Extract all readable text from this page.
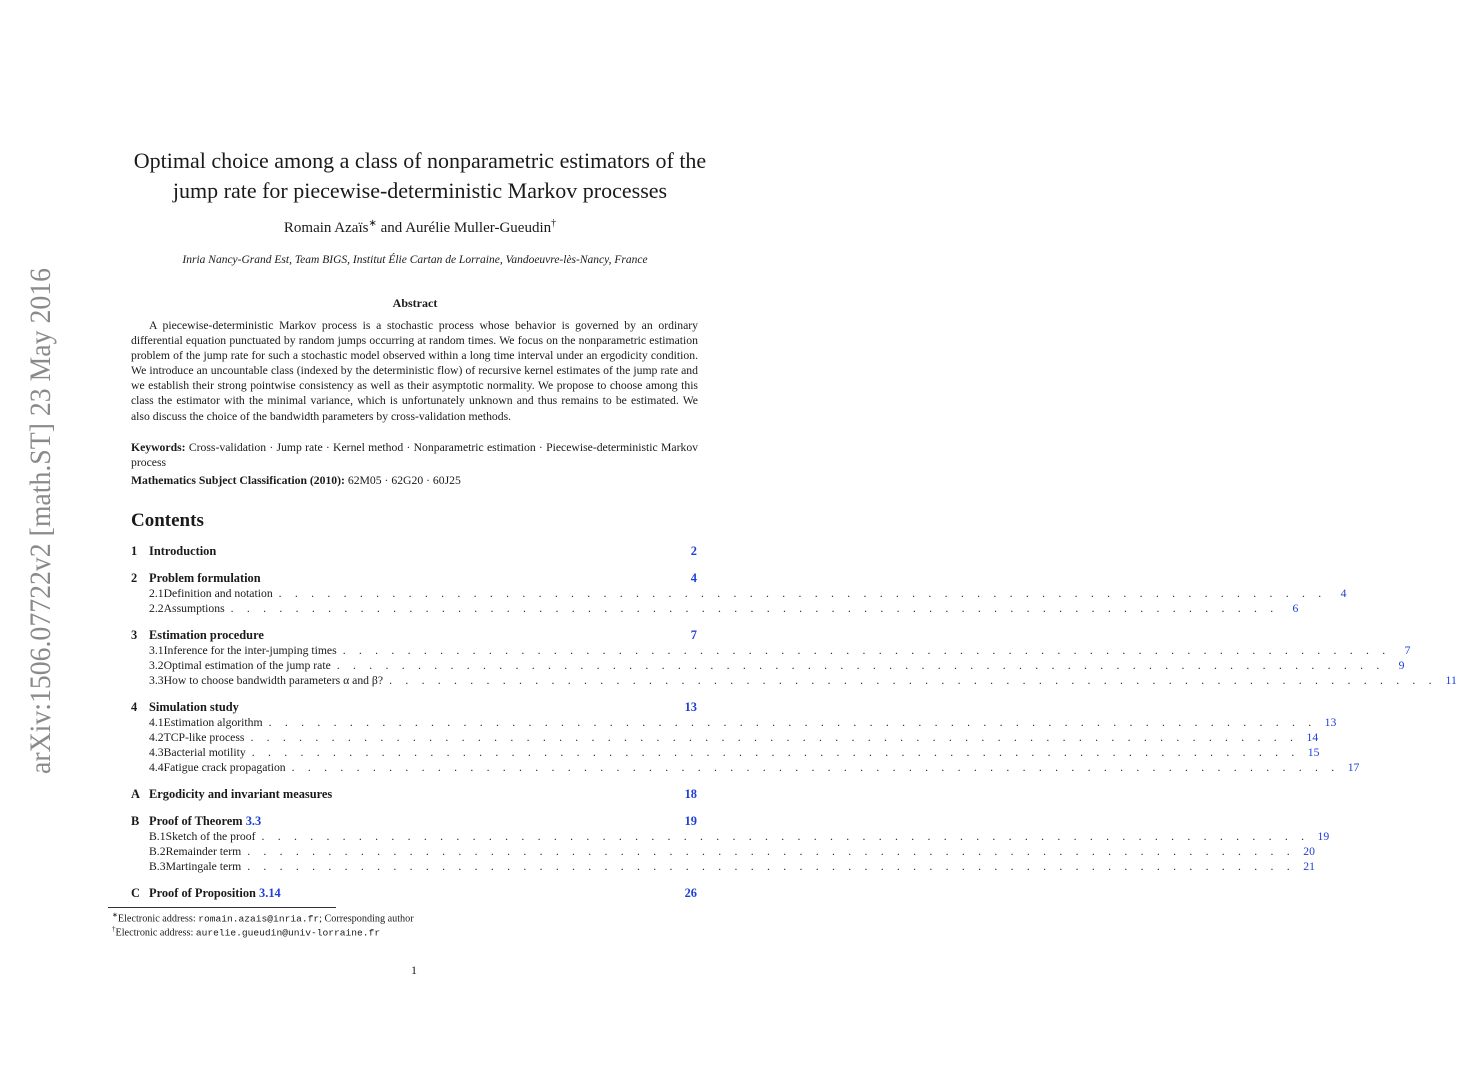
arXiv:1506.07722v2 [math.ST] 23 May 2016
Optimal choice among a class of nonparametric estimators of the
jump rate for piecewise-deterministic Markov processes
Romain Azaïs∗ and Aurélie Muller-Gueudin†
Inria Nancy-Grand Est, Team BIGS, Institut Élie Cartan de Lorraine, Vandoeuvre-lès-Nancy, France
Abstract
A piecewise-deterministic Markov process is a stochastic process whose behavior is governed by an ordinary differential equation punctuated by random jumps occurring at random times. We focus on the nonparametric estimation problem of the jump rate for such a stochastic model observed within a long time interval under an ergodicity condition. We introduce an uncountable class (indexed by the deterministic flow) of recursive kernel estimates of the jump rate and we establish their strong pointwise consistency as well as their asymptotic normality. We propose to choose among this class the estimator with the minimal variance, which is unfortunately unknown and thus remains to be estimated. We also discuss the choice of the bandwidth parameters by cross-validation methods.
Keywords: Cross-validation · Jump rate · Kernel method · Nonparametric estimation · Piecewise-deterministic Markov process
Mathematics Subject Classification (2010): 62M05 · 62G20 · 60J25
Contents
1 Introduction	2
2 Problem formulation	4
2.1 Definition and notation . . . . . . . . . . . . . . . . . . . . . . . . . . . . . . . . . . . . . . . . . . . . . . . . . . . . . . . . . . . . . . . . .	4
2.2 Assumptions . . . . . . . . . . . . . . . . . . . . . . . . . . . . . . . . . . . . . . . . . . . . . . . . . . . . . . . . . . . . . . . . .	6
3 Estimation procedure	7
3.1 Inference for the inter-jumping times . . . . . . . . . . . . . . . . . . . . . . . . . . . . . . . . . . . . . . . . . . . . . . . . . . . . . . . . . . . . . . . . .	7
3.2 Optimal estimation of the jump rate . . . . . . . . . . . . . . . . . . . . . . . . . . . . . . . . . . . . . . . . . . . . . . . . . . . . . . . . . . . . . . . . .	9
3.3 How to choose bandwidth parameters α and β? . . . . . . . . . . . . . . . . . . . . . . . . . . . . . . . . . . . . . . . . . . . . . . . . . . . . . . . . . . . . . . . . . 11
4 Simulation study	13
4.1 Estimation algorithm . . . . . . . . . . . . . . . . . . . . . . . . . . . . . . . . . . . . . . . . . . . . . . . . . . . . . . . . . . . . . . . . . 13
4.2 TCP-like process . . . . . . . . . . . . . . . . . . . . . . . . . . . . . . . . . . . . . . . . . . . . . . . . . . . . . . . . . . . . . . . . . 14
4.3 Bacterial motility . . . . . . . . . . . . . . . . . . . . . . . . . . . . . . . . . . . . . . . . . . . . . . . . . . . . . . . . . . . . . . . . . 15
4.4 Fatigue crack propagation . . . . . . . . . . . . . . . . . . . . . . . . . . . . . . . . . . . . . . . . . . . . . . . . . . . . . . . . . . . . . . . . . 17
A Ergodicity and invariant measures	18
B Proof of Theorem 3.3	19
B.1 Sketch of the proof . . . . . . . . . . . . . . . . . . . . . . . . . . . . . . . . . . . . . . . . . . . . . . . . . . . . . . . . . . . . . . . . . 19
B.2 Remainder term . . . . . . . . . . . . . . . . . . . . . . . . . . . . . . . . . . . . . . . . . . . . . . . . . . . . . . . . . . . . . . . . . 20
B.3 Martingale term . . . . . . . . . . . . . . . . . . . . . . . . . . . . . . . . . . . . . . . . . . . . . . . . . . . . . . . . . . . . . . . . . 21
C Proof of Proposition 3.14	26
∗Electronic address: romain.azais@inria.fr; Corresponding author
†Electronic address: aurelie.gueudin@univ-lorraine.fr
1
